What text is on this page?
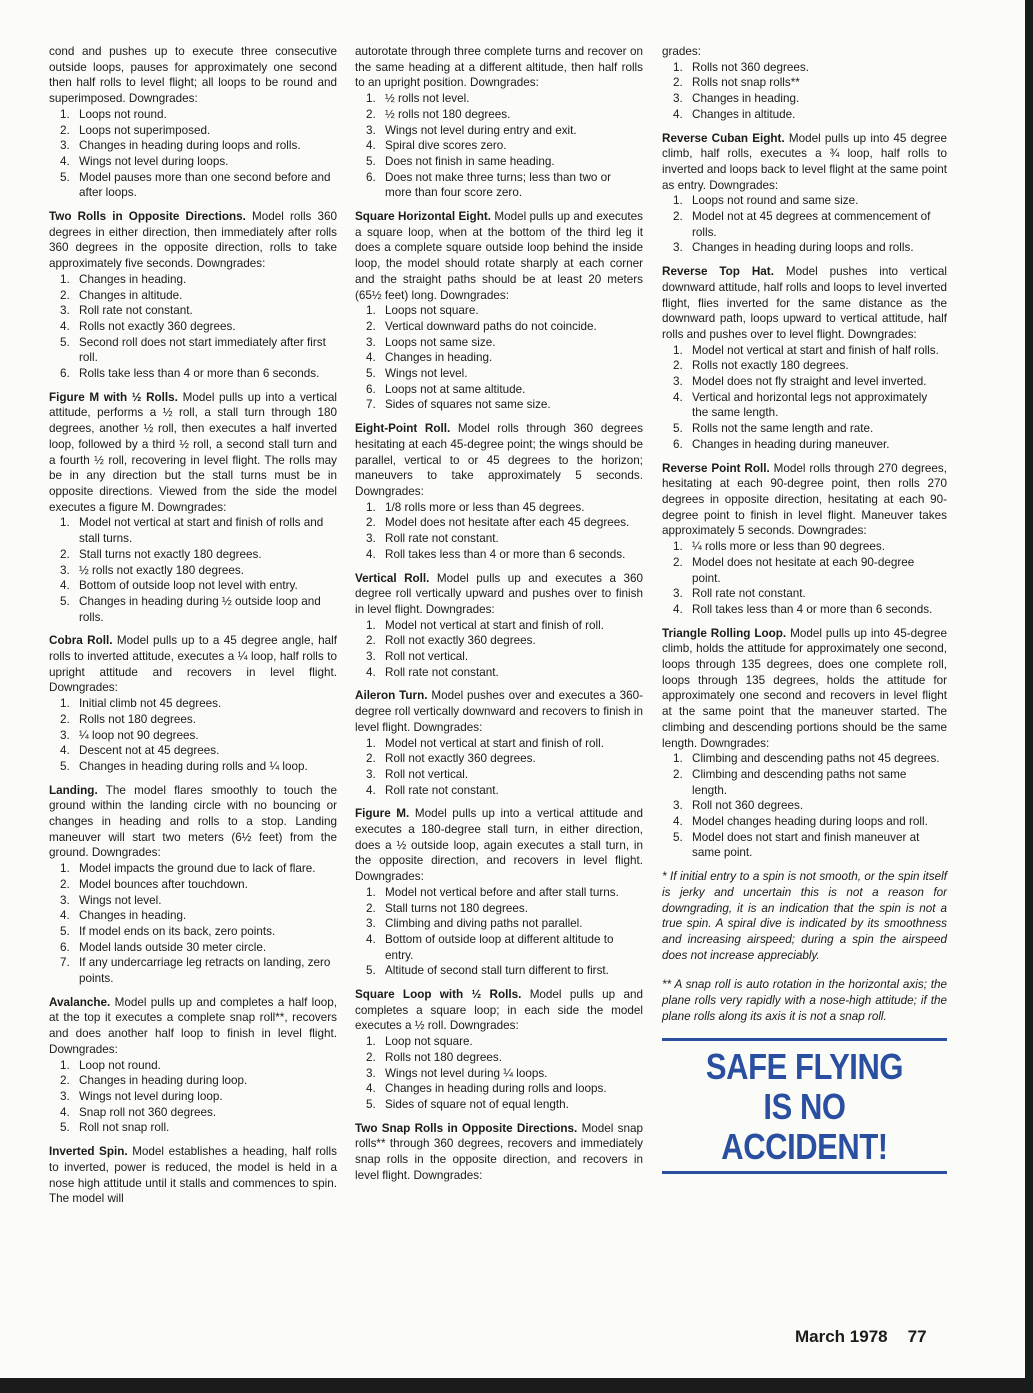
cond and pushes up to execute three consecutive outside loops, pauses for approximately one second then half rolls to level flight; all loops to be round and superimposed. Downgrades:

1. Loops not round.
2. Loops not superimposed.
3. Changes in heading during loops and rolls.
4. Wings not level during loops.
5. Model pauses more than one second before and after loops.

Two Rolls in Opposite Directions. Model rolls 360 degrees in either direction, then immediately after rolls 360 degrees in the opposite direction, rolls to take approximately five seconds. Downgrades:

1. Changes in heading.
2. Changes in altitude.
3. Roll rate not constant.
4. Rolls not exactly 360 degrees.
5. Second roll does not start immediately after first roll.
6. Rolls take less than 4 or more than 6 seconds.

Figure M with ½ Rolls. Model pulls up into a vertical attitude, performs a ½ roll, a stall turn through 180 degrees, another ½ roll, then executes a half inverted loop, followed by a third ½ roll, a second stall turn and a fourth ½ roll, recovering in level flight. The rolls may be in any direction but the stall turns must be in opposite directions. Viewed from the side the model executes a figure M. Downgrades:

1. Model not vertical at start and finish of rolls and stall turns.
2. Stall turns not exactly 180 degrees.
3. ½ rolls not exactly 180 degrees.
4. Bottom of outside loop not level with entry.
5. Changes in heading during ½ outside loop and rolls.

Cobra Roll. Model pulls up to a 45 degree angle, half rolls to inverted attitude, executes a ¼ loop, half rolls to upright attitude and recovers in level flight. Downgrades:

1. Initial climb not 45 degrees.
2. Rolls not 180 degrees.
3. ¼ loop not 90 degrees.
4. Descent not at 45 degrees.
5. Changes in heading during rolls and ¼ loop.

Landing. The model flares smoothly to touch the ground within the landing circle with no bouncing or changes in heading and rolls to a stop. Landing maneuver will start two meters (6½ feet) from the ground. Downgrades:

1. Model impacts the ground due to lack of flare.
2. Model bounces after touchdown.
3. Wings not level.
4. Changes in heading.
5. If model ends on its back, zero points.
6. Model lands outside 30 meter circle.
7. If any undercarriage leg retracts on landing, zero points.

Avalanche. Model pulls up and completes a half loop, at the top it executes a complete snap roll**, recovers and does another half loop to finish in level flight. Downgrades:

1. Loop not round.
2. Changes in heading during loop.
3. Wings not level during loop.
4. Snap roll not 360 degrees.
5. Roll not snap roll.

Inverted Spin. Model establishes a heading, half rolls to inverted, power is reduced, the model is held in a nose high attitude until it stalls and commences to spin. The model will

autorotate through three complete turns and recover on the same heading at a different altitude, then half rolls to an upright position. Downgrades:

1. ½ rolls not level.
2. ½ rolls not 180 degrees.
3. Wings not level during entry and exit.
4. Spiral dive scores zero.
5. Does not finish in same heading.
6. Does not make three turns; less than two or more than four score zero.

Square Horizontal Eight. Model pulls up and executes a square loop, when at the bottom of the third leg it does a complete square outside loop behind the inside loop, the model should rotate sharply at each corner and the straight paths should be at least 20 meters (65½ feet) long. Downgrades:

1. Loops not square.
2. Vertical downward paths do not coincide.
3. Loops not same size.
4. Changes in heading.
5. Wings not level.
6. Loops not at same altitude.
7. Sides of squares not same size.

Eight-Point Roll. Model rolls through 360 degrees hesitating at each 45-degree point; the wings should be parallel, vertical to or 45 degrees to the horizon; maneuvers to take approximately 5 seconds. Downgrades:

1. 1/8 rolls more or less than 45 degrees.
2. Model does not hesitate after each 45 degrees.
3. Roll rate not constant.
4. Roll takes less than 4 or more than 6 seconds.

Vertical Roll. Model pulls up and executes a 360 degree roll vertically upward and pushes over to finish in level flight. Downgrades:

1. Model not vertical at start and finish of roll.
2. Roll not exactly 360 degrees.
3. Roll not vertical.
4. Roll rate not constant.

Aileron Turn. Model pushes over and executes a 360-degree roll vertically downward and recovers to finish in level flight. Downgrades:

1. Model not vertical at start and finish of roll.
2. Roll not exactly 360 degrees.
3. Roll not vertical.
4. Roll rate not constant.

Figure M. Model pulls up into a vertical attitude and executes a 180-degree stall turn, in either direction, does a ½ outside loop, again executes a stall turn, in the opposite direction, and recovers in level flight. Downgrades:

1. Model not vertical before and after stall turns.
2. Stall turns not 180 degrees.
3. Climbing and diving paths not parallel.
4. Bottom of outside loop at different altitude to entry.
5. Altitude of second stall turn different to first.

Square Loop with ½ Rolls. Model pulls up and completes a square loop; in each side the model executes a ½ roll. Downgrades:

1. Loop not square.
2. Rolls not 180 degrees.
3. Wings not level during ¼ loops.
4. Changes in heading during rolls and loops.
5. Sides of square not of equal length.

Two Snap Rolls in Opposite Directions. Model snap rolls** through 360 degrees, recovers and immediately snap rolls in the opposite direction, and recovers in level flight. Downgrades:

grades:

1. Rolls not 360 degrees.
2. Rolls not snap rolls**
3. Changes in heading.
4. Changes in altitude.

Reverse Cuban Eight. Model pulls up into 45 degree climb, half rolls, executes a ¾ loop, half rolls to inverted and loops back to level flight at the same point as entry. Downgrades:

1. Loops not round and same size.
2. Model not at 45 degrees at commencement of rolls.
3. Changes in heading during loops and rolls.

Reverse Top Hat. Model pushes into vertical downward attitude, half rolls and loops to level inverted flight, flies inverted for the same distance as the downward path, loops upward to vertical attitude, half rolls and pushes over to level flight. Downgrades:

1. Model not vertical at start and finish of half rolls.
2. Rolls not exactly 180 degrees.
3. Model does not fly straight and level inverted.
4. Vertical and horizontal legs not approximately the same length.
5. Rolls not the same length and rate.
6. Changes in heading during maneuver.

Reverse Point Roll. Model rolls through 270 degrees, hesitating at each 90-degree point, then rolls 270 degrees in opposite direction, hesitating at each 90-degree point to finish in level flight. Maneuver takes approximately 5 seconds. Downgrades:

1. ¼ rolls more or less than 90 degrees.
2. Model does not hesitate at each 90-degree point.
3. Roll rate not constant.
4. Roll takes less than 4 or more than 6 seconds.

Triangle Rolling Loop. Model pulls up into 45-degree climb, holds the attitude for approximately one second, loops through 135 degrees, does one complete roll, loops through 135 degrees, holds the attitude for approximately one second and recovers in level flight at the same point that the maneuver started. The climbing and descending portions should be the same length. Downgrades:

1. Climbing and descending paths not 45 degrees.
2. Climbing and descending paths not same length.
3. Roll not 360 degrees.
4. Model changes heading during loops and roll.
5. Model does not start and finish maneuver at same point.

* If initial entry to a spin is not smooth, or the spin itself is jerky and uncertain this is not a reason for downgrading, it is an indication that the spin is not a true spin. A spiral dive is indicated by its smoothness and increasing airspeed; during a spin the airspeed does not increase appreciably.

** A snap roll is auto rotation in the horizontal axis; the plane rolls very rapidly with a nose-high attitude; if the plane rolls along its axis it is not a snap roll.

SAFE FLYING
IS NO ACCIDENT!
March 1978 77
